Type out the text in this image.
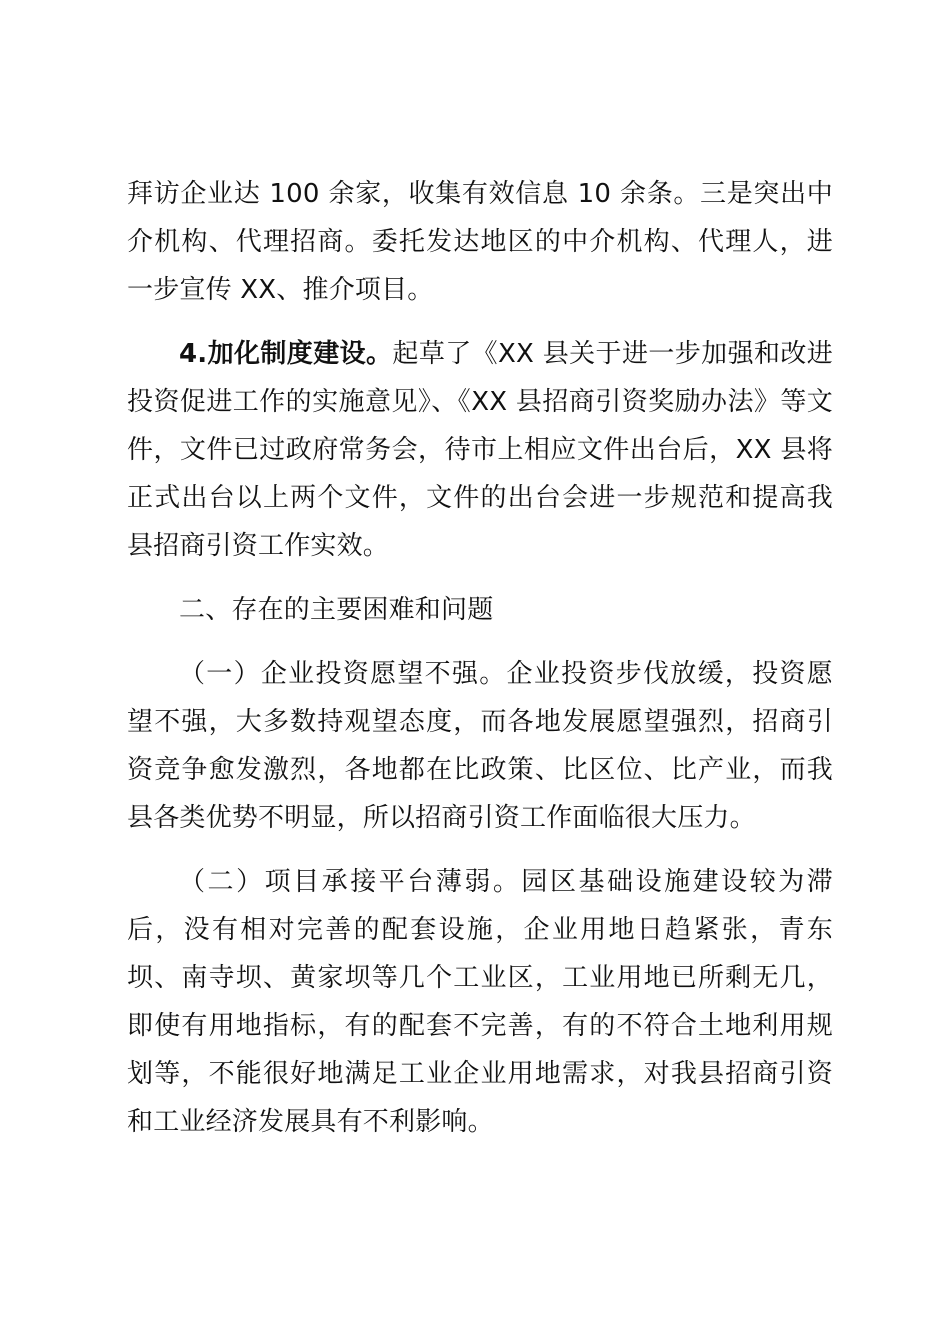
拜访企业达 100 余家，收集有效信息 10 余条。三是突出中介机构、代理招商。委托发达地区的中介机构、代理人，进一步宣传 XX、推介项目。

4.加化制度建设。起草了《XX 县关于进一步加强和改进投资促进工作的实施意见》、《XX 县招商引资奖励办法》等文件，文件已过政府常务会，待市上相应文件出台后，XX 县将正式出台以上两个文件，文件的出台会进一步规范和提高我县招商引资工作实效。

二、存在的主要困难和问题

（一）企业投资愿望不强。企业投资步伐放缓，投资愿望不强，大多数持观望态度，而各地发展愿望强烈，招商引资竞争愈发激烈，各地都在比政策、比区位、比产业，而我县各类优势不明显，所以招商引资工作面临很大压力。

（二）项目承接平台薄弱。园区基础设施建设较为滞后，没有相对完善的配套设施，企业用地日趋紧张，青东坝、南寺坝、黄家坝等几个工业区，工业用地已所剩无几，即使有用地指标，有的配套不完善，有的不符合土地利用规划等，不能很好地满足工业企业用地需求，对我县招商引资和工业经济发展具有不利影响。
